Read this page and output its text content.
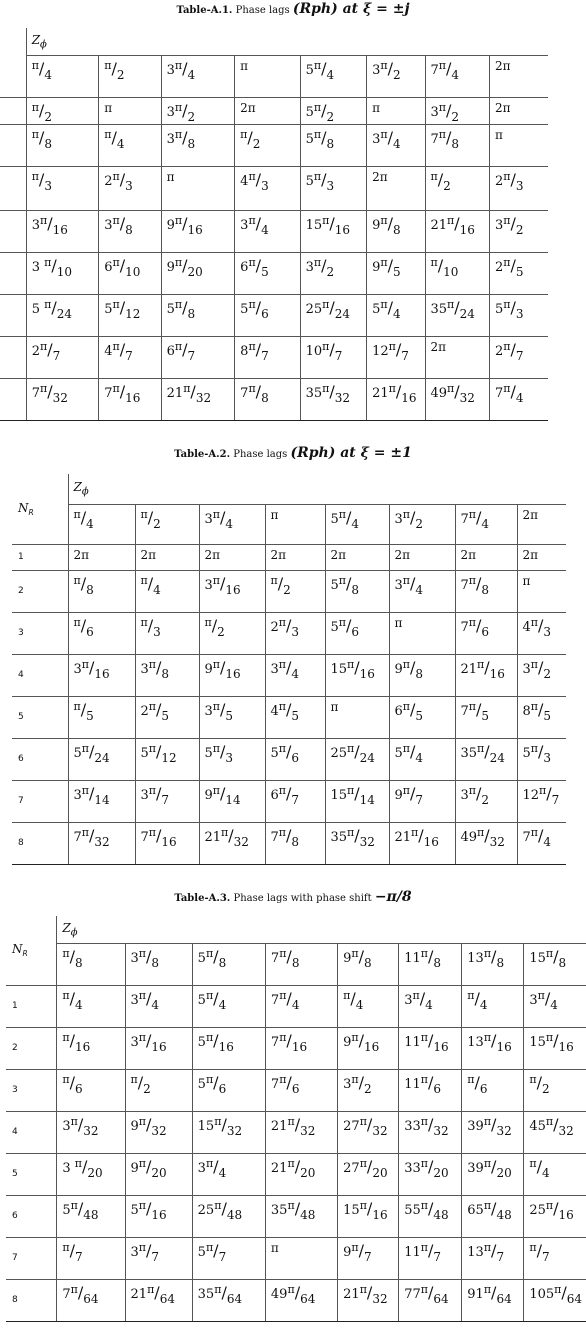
Table-A.1. Phase lags (Rph) at ξ = ±j
	$Z_\phi$
	π/4	π/2	3π/4	π	5π/4	3π/2	7π/4	2π
	π/2	π	3π/2	2π	5π/2	π	3π/2	2π
	π/8	π/4	3π/8	π/2	5π/8	3π/4	7π/8	π
	π/3	2π/3	π	4π/3	5π/3	2π	π/2	2π/3
	3π/16	3π/8	9π/16	3π/4	15π/16	9π/8	21π/16	3π/2
	3 π/10	6π/10	9π/20	6π/5	3π/2	9π/5	π/10	2π/5
	5 π/24	5π/12	5π/8	5π/6	25π/24	5π/4	35π/24	5π/3
	2π/7	4π/7	6π/7	8π/7	10π/7	12π/7	2π	2π/7
	7π/32	7π/16	21π/32	7π/8	35π/32	21π/16	49π/32	7π/4
Table-A.2. Phase lags (Rph) at ξ = ±1
$N_R$	$Z_\phi$
	π/4	π/2	3π/4	π	5π/4	3π/2	7π/4	2π
1	2π	2π	2π	2π	2π	2π	2π	2π
2	π/8	π/4	3π/16	π/2	5π/8	3π/4	7π/8	π
3	π/6	π/3	π/2	2π/3	5π/6	π	7π/6	4π/3
4	3π/16	3π/8	9π/16	3π/4	15π/16	9π/8	21π/16	3π/2
5	π/5	2π/5	3π/5	4π/5	π	6π/5	7π/5	8π/5
6	5π/24	5π/12	5π/3	5π/6	25π/24	5π/4	35π/24	5π/3
7	3π/14	3π/7	9π/14	6π/7	15π/14	9π/7	3π/2	12π/7
8	7π/32	7π/16	21π/32	7π/8	35π/32	21π/16	49π/32	7π/4
Table-A.3. Phase lags with phase shift −π/8
$N_R$	$Z_\phi$
	π/8	3π/8	5π/8	7π/8	9π/8	11π/8	13π/8	15π/8
1	π/4	3π/4	5π/4	7π/4	π/4	3π/4	π/4	3π/4
2	π/16	3π/16	5π/16	7π/16	9π/16	11π/16	13π/16	15π/16
3	π/6	π/2	5π/6	7π/6	3π/2	11π/6	π/6	π/2
4	3π/32	9π/32	15π/32	21π/32	27π/32	33π/32	39π/32	45π/32
5	3 π/20	9π/20	3π/4	21π/20	27π/20	33π/20	39π/20	π/4
6	5π/48	5π/16	25π/48	35π/48	15π/16	55π/48	65π/48	25π/16
7	π/7	3π/7	5π/7	π	9π/7	11π/7	13π/7	π/7
8	7π/64	21π/64	35π/64	49π/64	21π/32	77π/64	91π/64	105π/64
